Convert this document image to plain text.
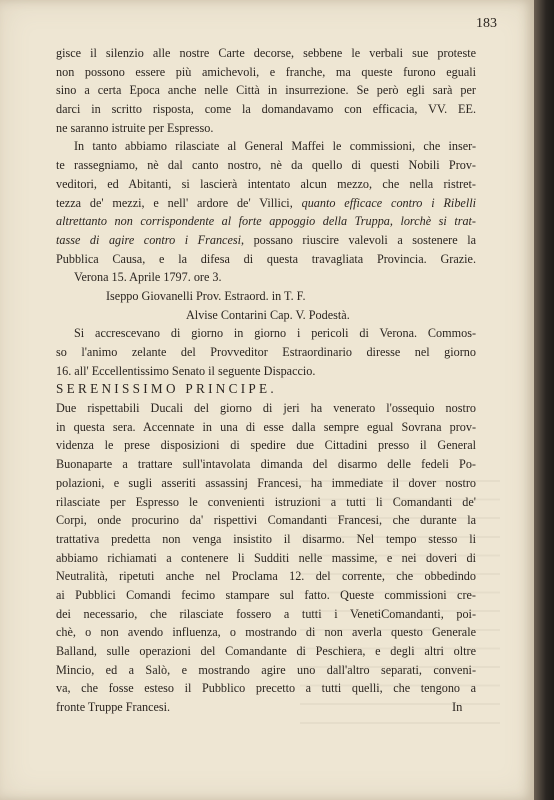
183
gisce il silenzio alle nostre Carte decorse, sebbene le verbali sue proteste
non possono essere più amichevoli, e franche, ma queste furono eguali
sino a certa Epoca anche nelle Città in insurrezione. Se però egli sarà per
darci in scritto risposta, come la domandavamo con efficacia, VV. EE.
ne saranno istruite per Espresso.
In tanto abbiamo rilasciate al General Maffei le commissioni, che inser-
te rassegniamo, nè dal canto nostro, nè da quello di questi Nobili Prov-
veditori, ed Abitanti, si lascierà intentato alcun mezzo, che nella ristret-
tezza de' mezzi, e nell' ardore de' Villici, quanto efficace contro i Ribelli
altrettanto non corrispondente al forte appoggio della Truppa, lorchè si trat-
tasse di agire contro i Francesi, possano riuscire valevoli a sostenere la
Pubblica Causa, e la difesa di questa travagliata Provincia. Grazie.
Verona 15. Aprile 1797. ore 3.
Iseppo Giovanelli Prov. Estraord. in T. F.
Alvise Contarini Cap. V. Podestà.
Si accrescevano di giorno in giorno i pericoli di Verona. Commos-
so l'animo zelante del Provveditor Estraordinario diresse nel giorno
16. all' Eccellentissimo Senato il seguente Dispaccio.
SERENISSIMO PRINCIPE.
Due rispettabili Ducali del giorno di jeri ha venerato l'ossequio nostro
in questa sera. Accennate in una di esse dalla sempre egual Sovrana prov-
videnza le prese disposizioni di spedire due Cittadini presso il General
Buonaparte a trattare sull'intavolata dimanda del disarmo delle fedeli Po-
polazioni, e sugli asseriti assassinj Francesi, ha immediate il dover nostro
rilasciate per Espresso le convenienti istruzioni a tutti li Comandanti de'
Corpi, onde procurino da' rispettivi Comandanti Francesi, che durante la
trattativa predetta non venga insistito il disarmo. Nel tempo stesso li
abbiamo richiamati a contenere li Sudditi nelle massime, e nei doveri di
Neutralità, ripetuti anche nel Proclama 12. del corrente, che obbedindo
ai Pubblici Comandi fecimo stampare sul fatto. Queste commissioni cre-
dei necessario, che rilasciate fossero a tutti i VenetiComandanti, poi-
chè, o non avendo influenza, o mostrando di non averla questo Generale
Balland, sulle operazioni del Comandante di Peschiera, e degli altri oltre
Mincio, ed a Salò, e mostrando agire uno dall'altro separati, conveni-
va, che fosse esteso il Pubblico precetto a tutti quelli, che tengono a
fronte Truppe Francesi.	In
